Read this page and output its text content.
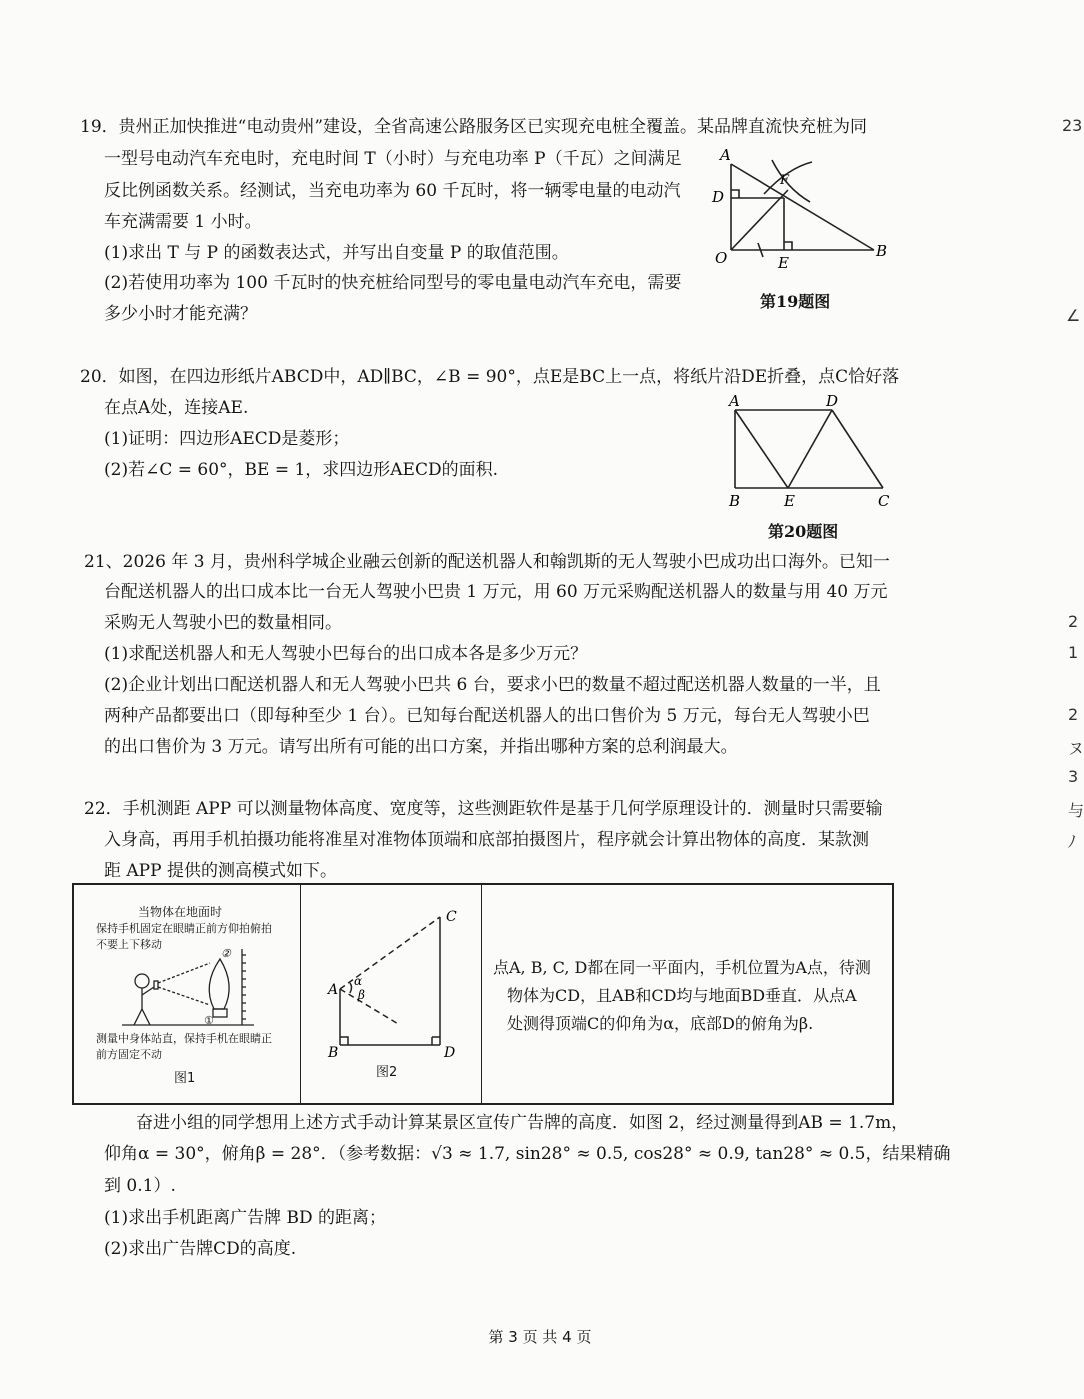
19．贵州正加快推进“电动贵州”建设，全省高速公路服务区已实现充电桩全覆盖。某品牌直流快充桩为同
一型号电动汽车充电时，充电时间 T（小时）与充电功率 P（千瓦）之间满足
反比例函数关系。经测试，当充电功率为 60 千瓦时，将一辆零电量的电动汽
车充满需要 1 小时。
(1)求出 T 与 P 的函数表达式，并写出自变量 P 的取值范围。
(2)若使用功率为 100 千瓦时的快充桩给同型号的零电量电动汽车充电，需要
多少小时才能充满？
A
D
F
O	E
B
第19题图
20．如图，在四边形纸片ABCD中，AD∥BC，∠B = 90°，点E是BC上一点，将纸片沿DE折叠，点C恰好落
在点A处，连接AE.
(1)证明：四边形AECD是菱形；
(2)若∠C = 60°，BE = 1，求四边形AECD的面积.
A	D
B	E	C
第20题图
21、2026 年 3 月，贵州科学城企业融云创新的配送机器人和翰凯斯的无人驾驶小巴成功出口海外。已知一
台配送机器人的出口成本比一台无人驾驶小巴贵 1 万元，用 60 万元采购配送机器人的数量与用 40 万元
采购无人驾驶小巴的数量相同。
(1)求配送机器人和无人驾驶小巴每台的出口成本各是多少万元？
(2)企业计划出口配送机器人和无人驾驶小巴共 6 台，要求小巴的数量不超过配送机器人数量的一半，且
两种产品都要出口（即每种至少 1 台）。已知每台配送机器人的出口售价为 5 万元，每台无人驾驶小巴
的出口售价为 3 万元。请写出所有可能的出口方案，并指出哪种方案的总利润最大。
22．手机测距 APP 可以测量物体高度、宽度等，这些测距软件是基于几何学原理设计的．测量时只需要输
入身高，再用手机拍摄功能将准星对准物体顶端和底部拍摄图片，程序就会计算出物体的高度．某款测
距 APP 提供的测高模式如下。
当物体在地面时
保持手机固定在眼睛正前方仰拍俯拍
不要上下移动
②
①
测量中身体站直，保持手机在眼睛正
前方固定不动
图1
A
B
C
D
α
β
图2
点A, B, C, D都在同一平面内，手机位置为A点，待测
物体为CD，且AB和CD均与地面BD垂直．从点A
处测得顶端C的仰角为α，底部D的俯角为β.
奋进小组的同学想用上述方式手动计算某景区宣传广告牌的高度．如图 2，经过测量得到AB = 1.7m，
仰角α = 30°，俯角β = 28°．（参考数据：√3 ≈ 1.7, sin28° ≈ 0.5, cos28° ≈ 0.9, tan28° ≈ 0.5，结果精确
到 0.1）.
(1)求出手机距离广告牌 BD 的距离；
(2)求出广告牌CD的高度.
23
∠
2
1
2
ヌ
3
与
ﾉ
第 3 页 共 4 页
